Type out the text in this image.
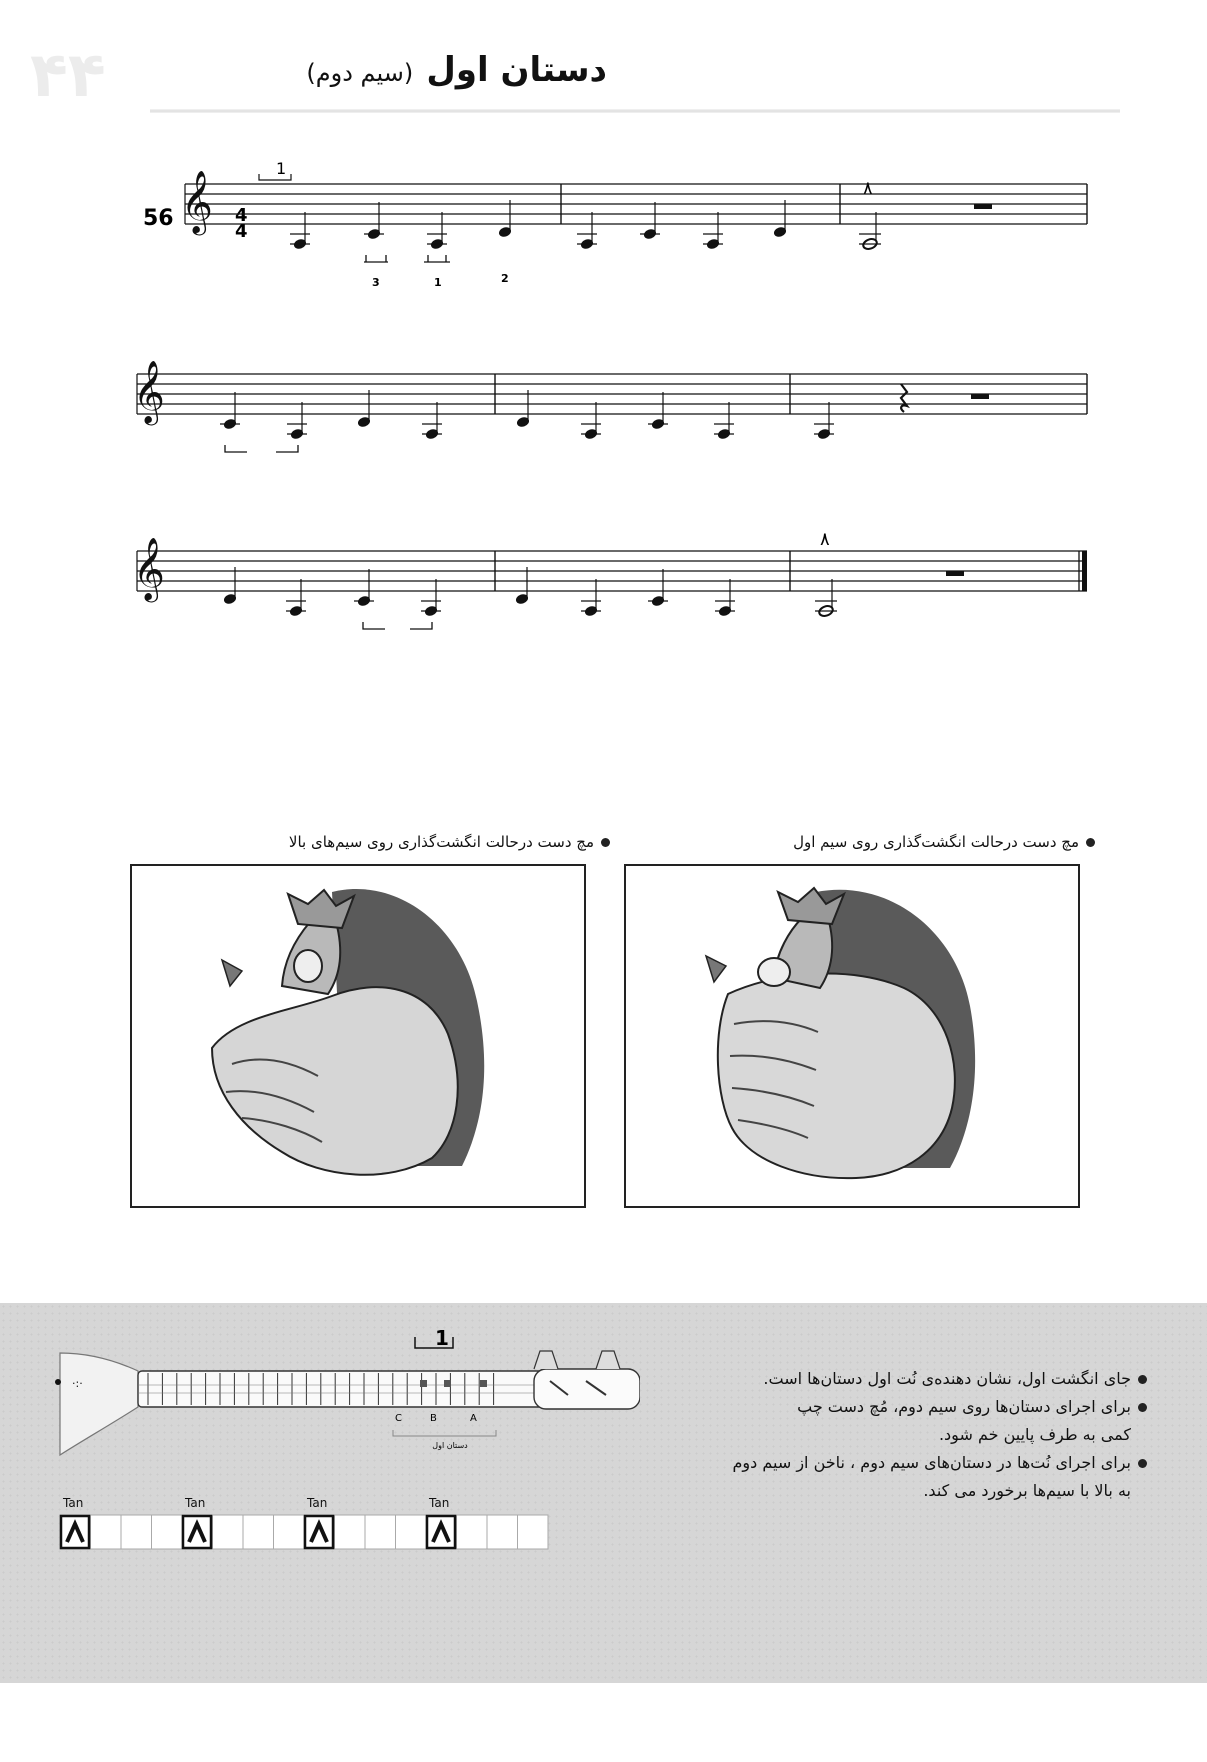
۴۴	دستان اول (سیم دوم)
56	4
4
1
3	1	2
٨
𝄞
𝄞
٨
𝄞
مچ دست درحالت انگشت‌گذاری روی سیم‌های بالا	مچ دست درحالت انگشت‌گذاری روی سیم اول
1
·:·
C	B	A
دستان اول
Tan	Tan	Tan	Tan

جای انگشت اول، نشان دهنده‌ی نُت اول دستان‌ها است.

برای اجرای دستان‌ها روی سیم دوم، مُچ دست چپ

کمی به طرف پایین خم شود.

برای اجرای نُت‌ها در دستان‌های سیم دوم ، ناخن از سیم دوم

به بالا با سیم‌ها برخورد می کند.
